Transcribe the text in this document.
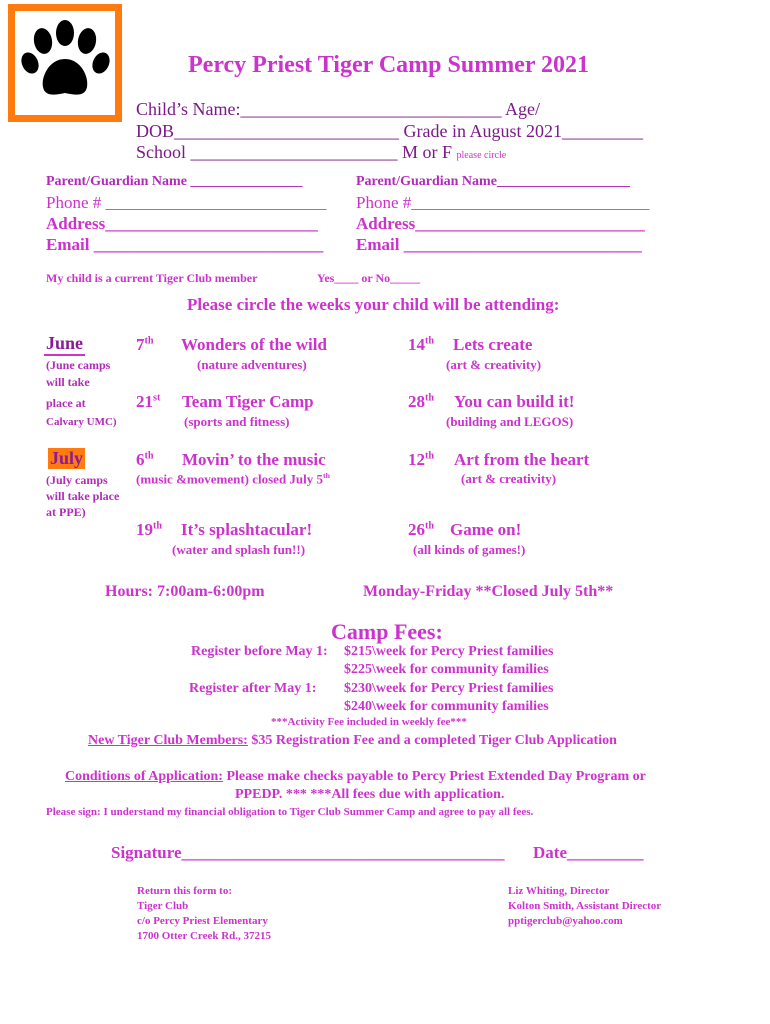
Percy Priest Tiger Camp Summer 2021
Child’s Name:_____________________________ Age/
DOB_________________________ Grade in August 2021_________
School _______________________ M or F please circle
Parent/Guardian Name ________________	Parent/Guardian Name___________________
Phone # __________________________ Phone #____________________________
Address_________________________ Address___________________________
Email ___________________________ Email ____________________________
My child is a current Tiger Club member	Yes____ or No_____
Please circle the weeks your child will be attending:
June
(June camps
will take
place at
Calvary UMC)
7th Wonders of the wild
(nature adventures)
14th Lets create
(art & creativity)
21st Team Tiger Camp
(sports and fitness)
28th You can build it!
(building and LEGOS)
July
(July camps
will take place
at PPE)
6th Movin’ to the music
(music &movement) closed July 5th
12th Art from the heart
(art & creativity)
19th It’s splashtacular!
(water and splash fun!!)
26th Game on!
(all kinds of games!)
Hours: 7:00am-6:00pm	Monday-Friday **Closed July 5th**
Camp Fees:
Register before May 1: $215\week for Percy Priest families
$225\week for community families
Register after May 1: $230\week for Percy Priest families
$240\week for community families
***Activity Fee included in weekly fee***
New Tiger Club Members: $35 Registration Fee and a completed Tiger Club Application
Conditions of Application: Please make checks payable to Percy Priest Extended Day Program or
PPEDP. *** ***All fees due with application.
Please sign: I understand my financial obligation to Tiger Club Summer Camp and agree to pay all fees.
Signature______________________________________ Date_________
Return this form to:
Tiger Club
c/o Percy Priest Elementary
1700 Otter Creek Rd., 37215
Liz Whiting, Director
Kolton Smith, Assistant Director
pptigerclub@yahoo.com
